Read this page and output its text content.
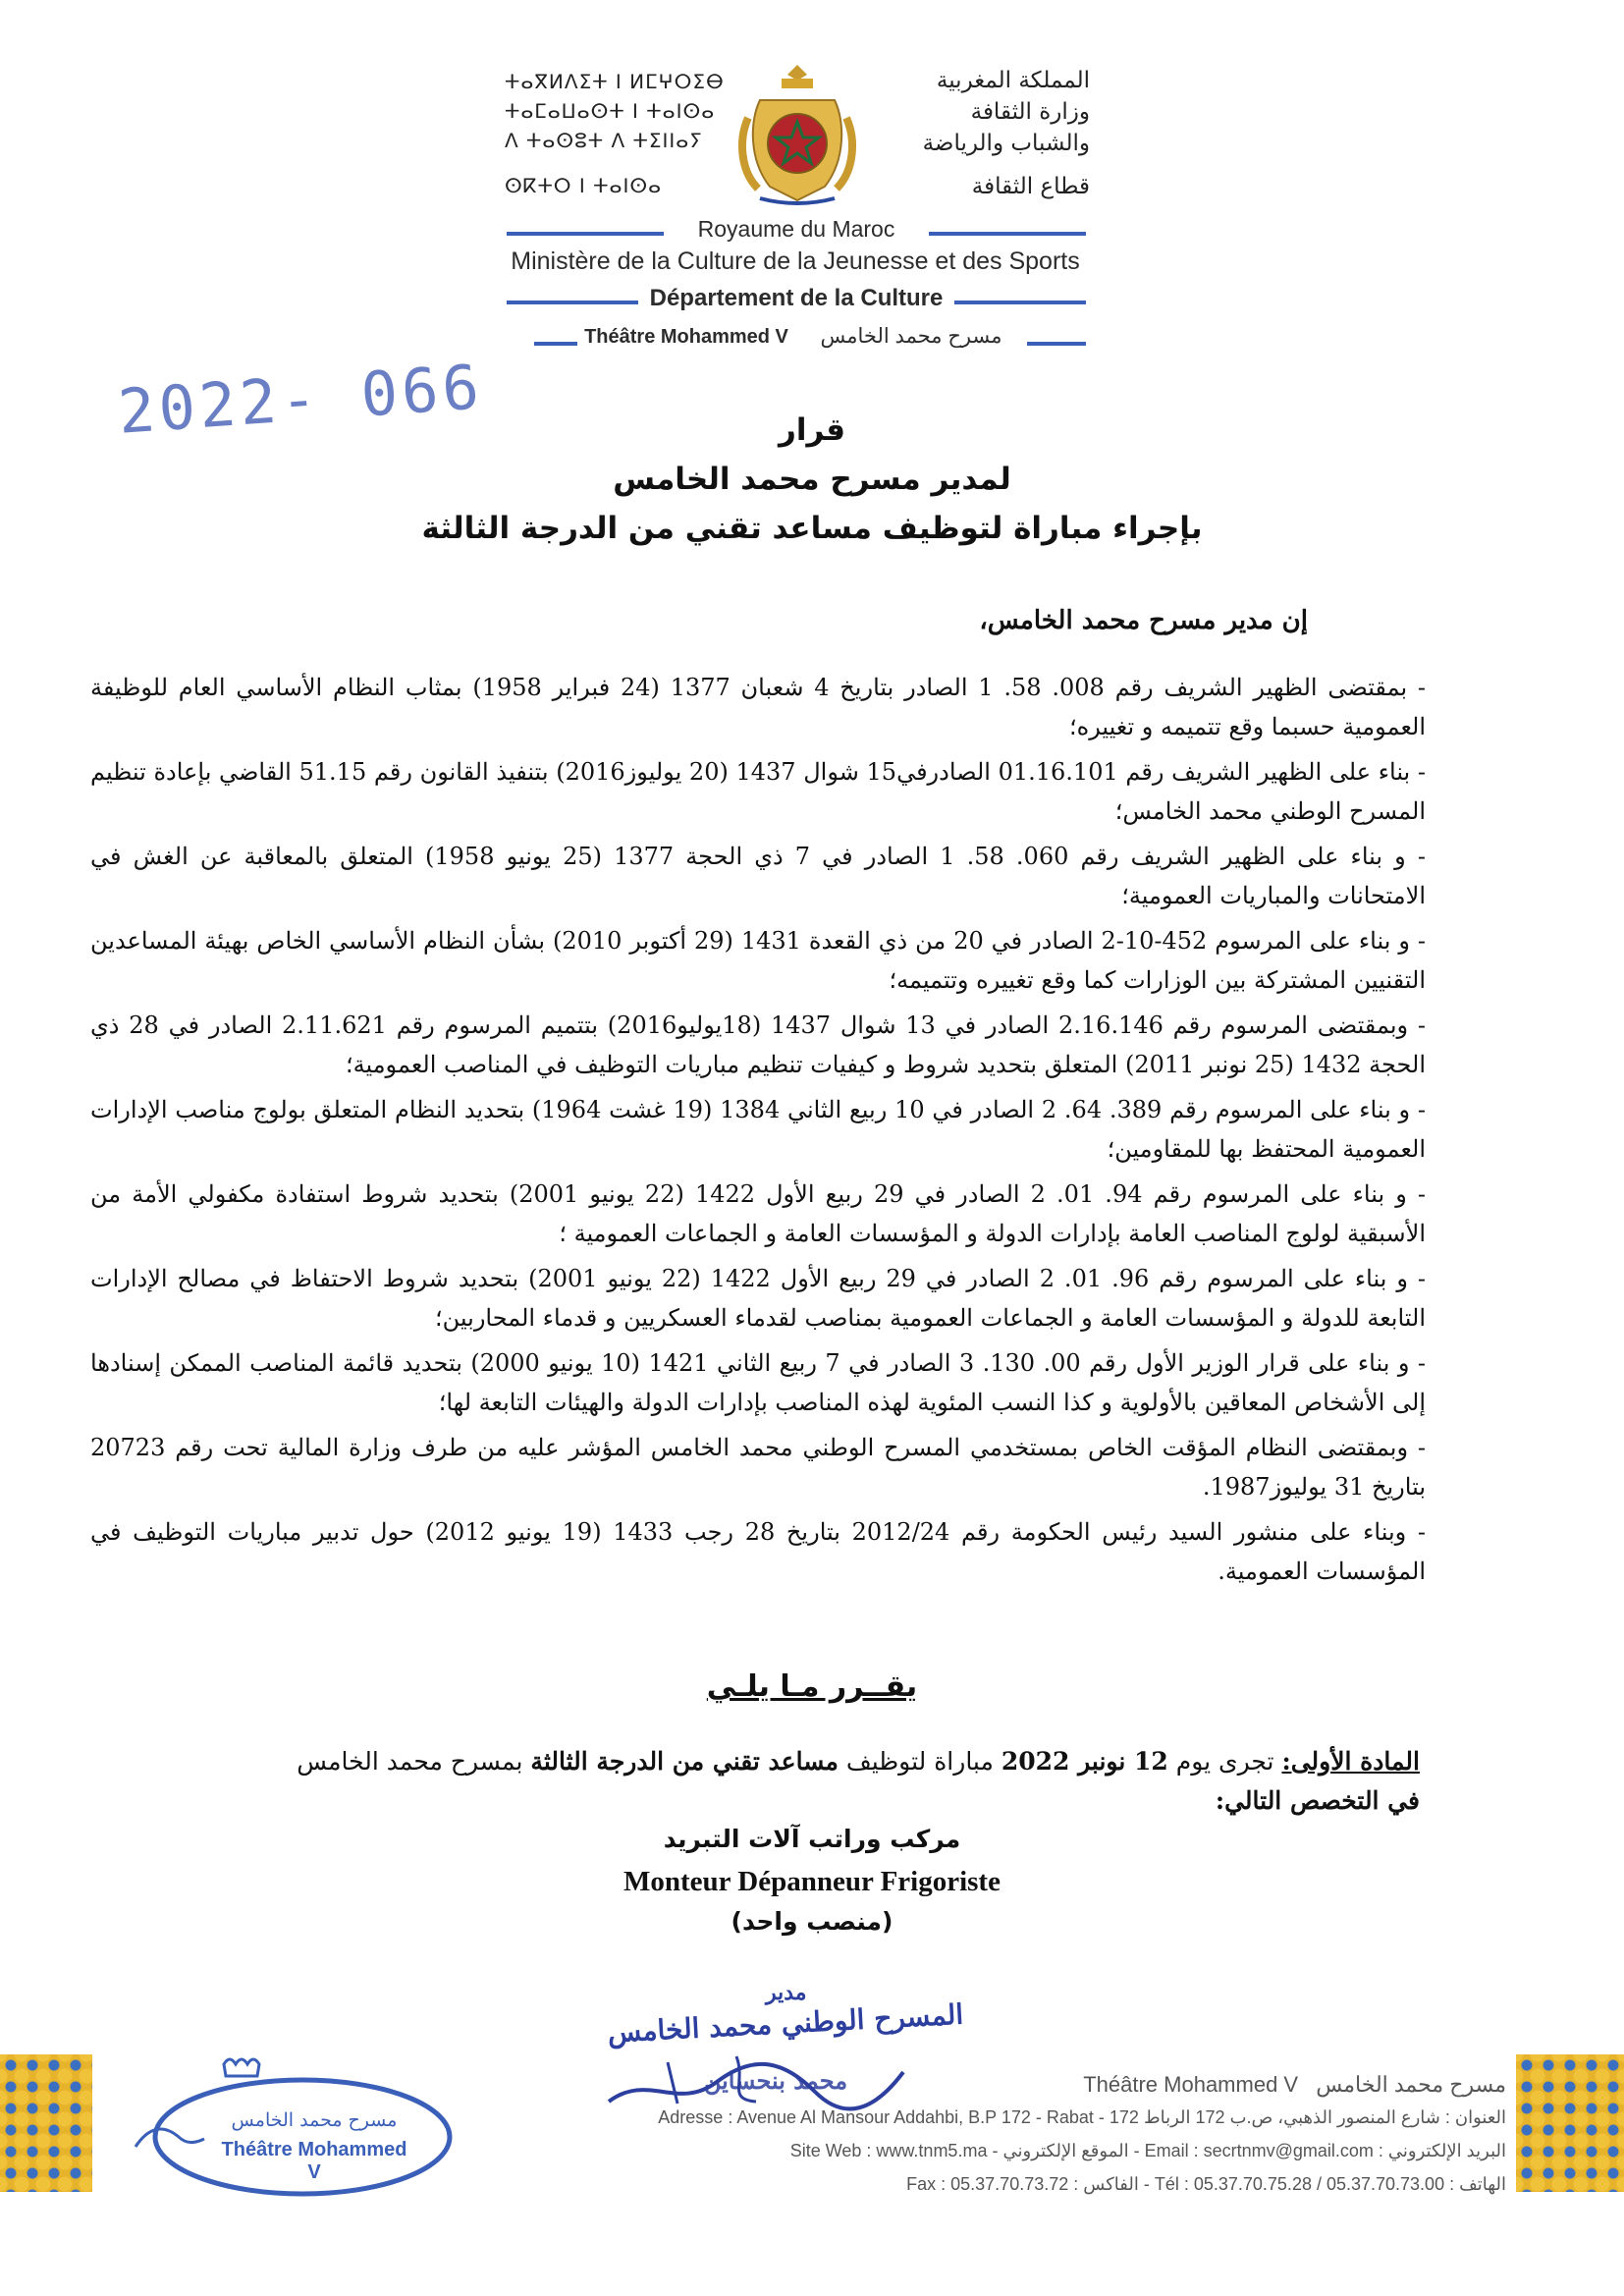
ⵜⴰⴳⵍⴷⵉⵜ ⵏ ⵍⵎⵖⵔⵉⴱ
ⵜⴰⵎⴰⵡⴰⵙⵜ ⵏ ⵜⴰⵏⵙⴰ
ⴷ ⵜⴰⵙⵓⵜ ⴷ ⵜⵉⵏⵏⴰⵢ
ⵙⴽⵜⵔ ⵏ ⵜⴰⵏⵙⴰ
المملكة المغربية
وزارة الثقافة
والشباب والرياضة
قطاع الثقافة
Royaume du Maroc
Ministère de la Culture de la Jeunesse et des Sports
Département de la Culture
Théâtre Mohammed V	مسرح محمد الخامس
2022- 066	قرار
لمدير مسرح محمد الخامس
بإجراء مباراة لتوظيف مساعد تقني من الدرجة الثالثة
إن مدير مسرح محمد الخامس،

- بمقتضى الظهير الشريف رقم 008. 58. 1 الصادر بتاريخ 4 شعبان 1377 (24 فبراير 1958) بمثاب النظام الأساسي العام للوظيفة العمومية حسبما وقع تتميمه و تغييره؛

- بناء على الظهير الشريف رقم 01.16.101 الصادرفي15 شوال 1437 (20 يوليوز2016) بتنفيذ القانون رقم 51.15 القاضي بإعادة تنظيم المسرح الوطني محمد الخامس؛

- و بناء على الظهير الشريف رقم 060. 58. 1 الصادر في 7 ذي الحجة 1377 (25 يونيو 1958) المتعلق بالمعاقبة عن الغش في الامتحانات والمباريات العمومية؛

- و بناء على المرسوم 452-10-2 الصادر في 20 من ذي القعدة 1431 (29 أكتوبر 2010) بشأن النظام الأساسي الخاص بهيئة المساعدين التقنيين المشتركة بين الوزارات كما وقع تغييره وتتميمه؛

- وبمقتضى المرسوم رقم 2.16.146 الصادر في 13 شوال 1437 (18يوليو2016) بتتميم المرسوم رقم 2.11.621 الصادر في 28 ذي الحجة 1432 (25 نونبر 2011) المتعلق بتحديد شروط و كيفيات تنظيم مباريات التوظيف في المناصب العمومية؛

- و بناء على المرسوم رقم 389. 64. 2 الصادر في 10 ربيع الثاني 1384 (19 غشت 1964) بتحديد النظام المتعلق بولوج مناصب الإدارات العمومية المحتفظ بها للمقاومين؛

- و بناء على المرسوم رقم 94. 01. 2 الصادر في 29 ربيع الأول 1422 (22 يونيو 2001) بتحديد شروط استفادة مكفولي الأمة من الأسبقية لولوج المناصب العامة بإدارات الدولة و المؤسسات العامة و الجماعات العمومية ؛

- و بناء على المرسوم رقم 96. 01. 2 الصادر في 29 ربيع الأول 1422 (22 يونيو 2001) بتحديد شروط الاحتفاظ في مصالح الإدارات التابعة للدولة و المؤسسات العامة و الجماعات العمومية بمناصب لقدماء العسكريين و قدماء المحاربين؛

- و بناء على قرار الوزير الأول رقم 00. 130. 3 الصادر في 7 ربيع الثاني 1421 (10 يونيو 2000) بتحديد قائمة المناصب الممكن إسنادها إلى الأشخاص المعاقين بالأولوية و كذا النسب المئوية لهذه المناصب بإدارات الدولة والهيئات التابعة لها؛

- وبمقتضى النظام المؤقت الخاص بمستخدمي المسرح الوطني محمد الخامس المؤشر عليه من طرف وزارة المالية تحت رقم 20723 بتاريخ 31 يوليوز1987.

- وبناء على منشور السيد رئيس الحكومة رقم 2012/24 بتاريخ 28 رجب 1433 (19 يونيو 2012) حول تدبير مباريات التوظيف في المؤسسات العمومية.

يقــرر مـا يلـي
المادة الأولى: تجرى يوم 12 نونبر 2022 مباراة لتوظيف مساعد تقني من الدرجة الثالثة بمسرح محمد الخامس
في التخصص التالي:
مركب وراتب آلات التبريد
Monteur Dépanneur Frigoriste
(منصب واحد)
مدير
المسرح الوطني محمد الخامس
محمد بنحساين
مسرح محمد الخامس
Théâtre Mohammed V
Théâtre Mohammed V مسرح محمد الخامس
Adresse : Avenue Al Mansour Addahbi, B.P 172 - Rabat - 172 العنوان : شارع المنصور الذهبي، ص.ب 172 الرباط
Site Web : www.tnm5.ma - الموقع الإلكتروني - Email : secrtnmv@gmail.com : البريد الإلكتروني
Fax : 05.37.70.73.72 : الفاكس - Tél : 05.37.70.75.28 / 05.37.70.73.00 : الهاتف
